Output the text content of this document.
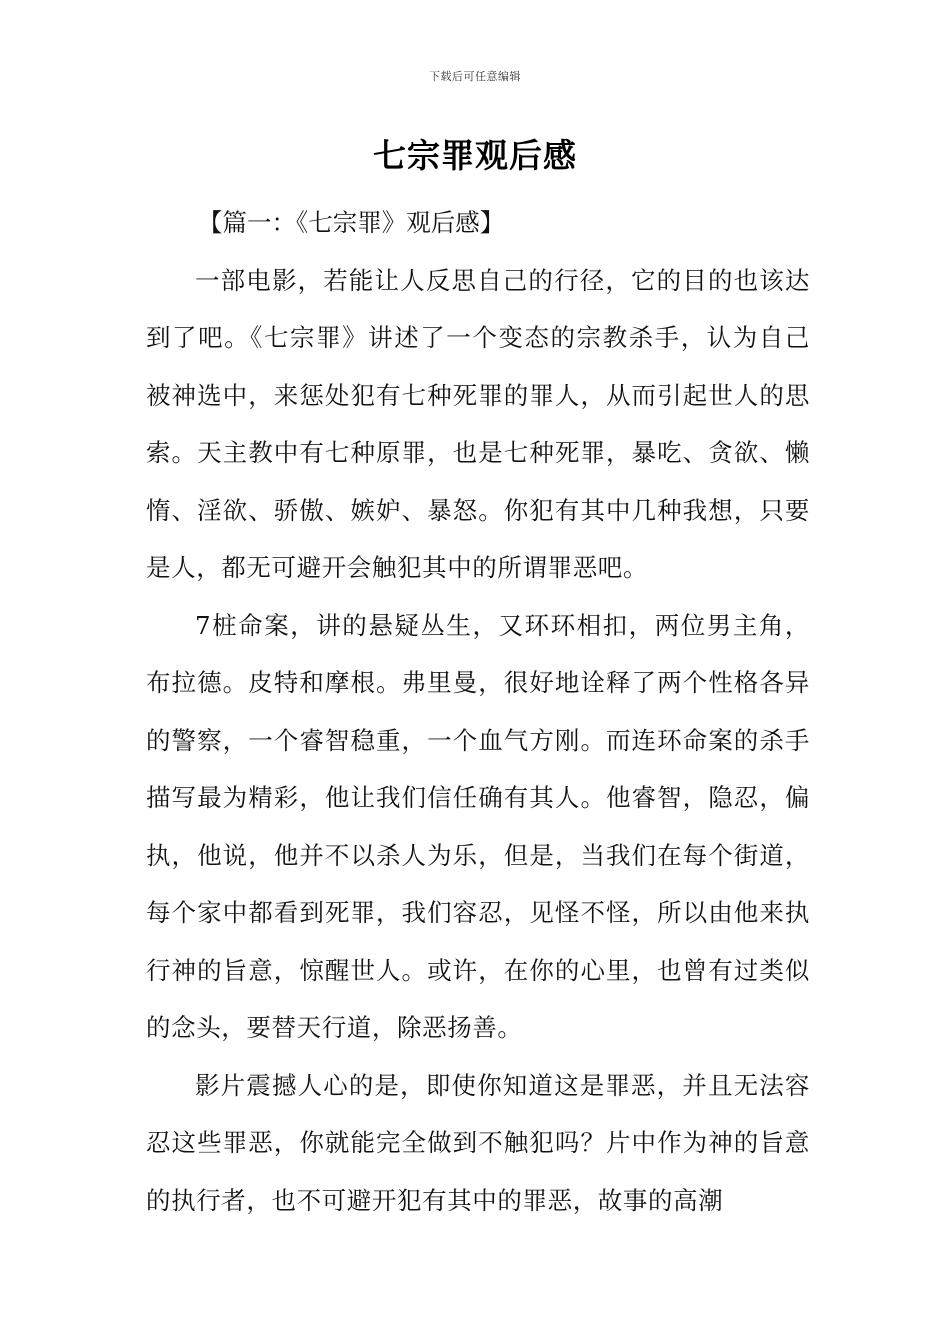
下载后可任意编辑
七宗罪观后感

【篇一：《七宗罪》观后感】

一部电影，若能让人反思自己的行径，它的目的也该达到了吧。《七宗罪》讲述了一个变态的宗教杀手，认为自己被神选中，来惩处犯有七种死罪的罪人，从而引起世人的思索。天主教中有七种原罪，也是七种死罪，暴吃、贪欲、懒惰、淫欲、骄傲、嫉妒、暴怒。你犯有其中几种我想，只要是人，都无可避开会触犯其中的所谓罪恶吧。

7桩命案，讲的悬疑丛生，又环环相扣，两位男主角，布拉德。皮特和摩根。弗里曼，很好地诠释了两个性格各异的警察，一个睿智稳重，一个血气方刚。而连环命案的杀手描写最为精彩，他让我们信任确有其人。他睿智，隐忍，偏执，他说，他并不以杀人为乐，但是，当我们在每个街道，每个家中都看到死罪，我们容忍，见怪不怪，所以由他来执行神的旨意，惊醒世人。或许，在你的心里，也曾有过类似的念头，要替天行道，除恶扬善。

影片震撼人心的是，即使你知道这是罪恶，并且无法容忍这些罪恶，你就能完全做到不触犯吗？片中作为神的旨意的执行者，也不可避开犯有其中的罪恶，故事的高潮
